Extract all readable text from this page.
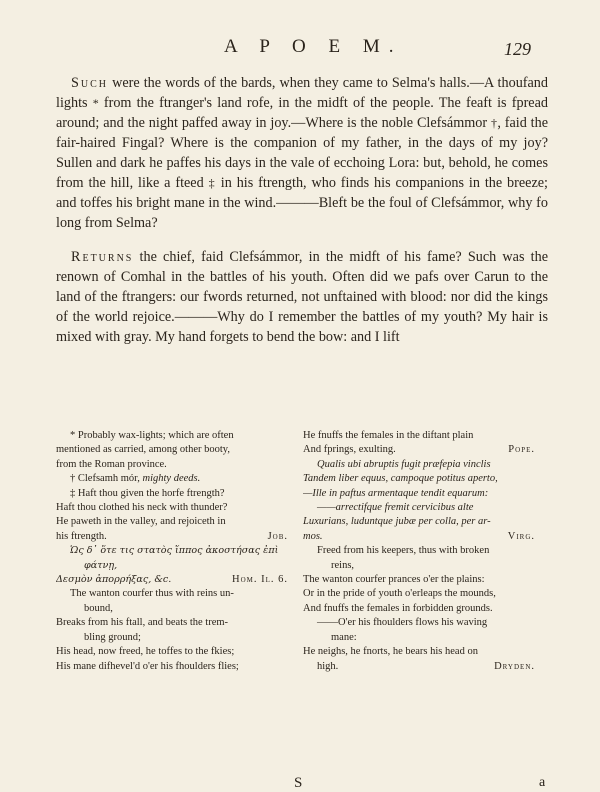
A P O E M.	129

Such were the words of the bards, when they came to Selma's halls.—A thoufand lights * from the ftranger's land rofe, in the midft of the people. The feaft is fpread around; and the night paffed away in joy.—Where is the noble Clefsámmor †, faid the fair-haired Fingal? Where is the companion of my father, in the days of my joy? Sullen and dark he paffes his days in the vale of ecchoing Lora: but, behold, he comes from the hill, like a fteed ‡ in his ftrength, who finds his companions in the breeze; and toffes his bright mane in the wind.———Bleft be the foul of Clefsámmor, why fo long from Selma?

Returns the chief, faid Clefsámmor, in the midft of his fame? Such was the renown of Comhal in the battles of his youth. Often did we pafs over Carun to the land of the ftrangers: our fwords returned, not unftained with blood: nor did the kings of the world rejoice.———Why do I remember the battles of my youth? My hair is mixed with gray. My hand forgets to bend the bow: and I lift

* Probably wax-lights; which are often
mentioned as carried, among other booty,
from the Roman province.
† Clefsamh mór, mighty deeds.
‡ Haft thou given the horfe ftrength?
Haft thou clothed his neck with thunder?
He paweth in the valley, and rejoiceth in
his ftrength.	Job.
Ὡς δ᾽ ὅτε τις στατὸς ἵππος ἀκοστήσας ἐπὶ
φάτνῃ,
Δεσμὸν ἀπορρήξας, &c.	Hom. Il. 6.
The wanton courfer thus with reins un-
bound,
Breaks from his ftall, and beats the trem-
bling ground;
His head, now freed, he toffes to the fkies;
His mane difhevel'd o'er his fhoulders flies;
He fnuffs the females in the diftant plain
And fprings, exulting.	Pope.
Qualis ubi abruptis fugit præfepia vinclis
Tandem liber equus, campoque potitus aperto,
—Ille in paftus armentaque tendit equarum:
——arrectifque fremit cervicibus alte
Luxurians, luduntque jubæ per colla, per ar-
mos.	Virg.
Freed from his keepers, thus with broken
reins,
The wanton courfer prances o'er the plains:
Or in the pride of youth o'erleaps the mounds,
And fnuffs the females in forbidden grounds.
——O'er his fhoulders flows his waving
mane:
He neighs, he fnorts, he bears his head on
high.	Dryden.
S	a
